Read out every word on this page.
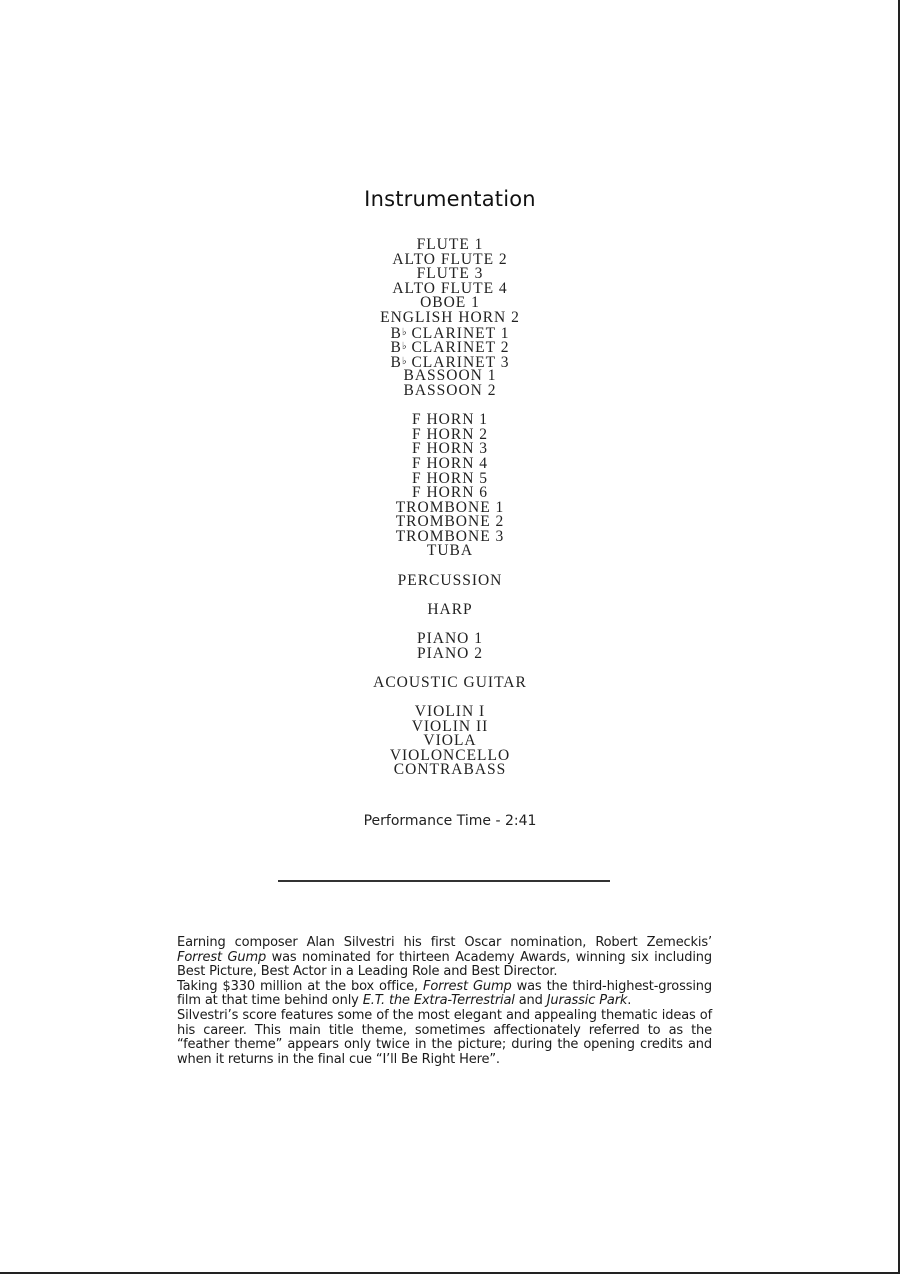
Instrumentation
FLUTE 1
ALTO FLUTE 2
FLUTE 3
ALTO FLUTE 4
OBOE 1
ENGLISH HORN 2
B♭ CLARINET 1
B♭ CLARINET 2
B♭ CLARINET 3
BASSOON 1
BASSOON 2
F HORN 1
F HORN 2
F HORN 3
F HORN 4
F HORN 5
F HORN 6
TROMBONE 1
TROMBONE 2
TROMBONE 3
TUBA
PERCUSSION
HARP
PIANO 1
PIANO 2
ACOUSTIC GUITAR
VIOLIN I
VIOLIN II
VIOLA
VIOLONCELLO
CONTRABASS
Performance Time - 2:41

Earning composer Alan Silvestri his first Oscar nomination, Robert Zemeckis’ Forrest Gump was nominated for thirteen Academy Awards, winning six including Best Picture, Best Actor in a Leading Role and Best Director.

Taking $330 million at the box office, Forrest Gump was the third-highest-grossing film at that time behind only E.T. the Extra-Terrestrial and Jurassic Park.

Silvestri’s score features some of the most elegant and appealing thematic ideas of his career. This main title theme, sometimes affectionately referred to as the “feather theme” appears only twice in the picture; during the opening credits and when it returns in the final cue “I’ll Be Right Here”.
